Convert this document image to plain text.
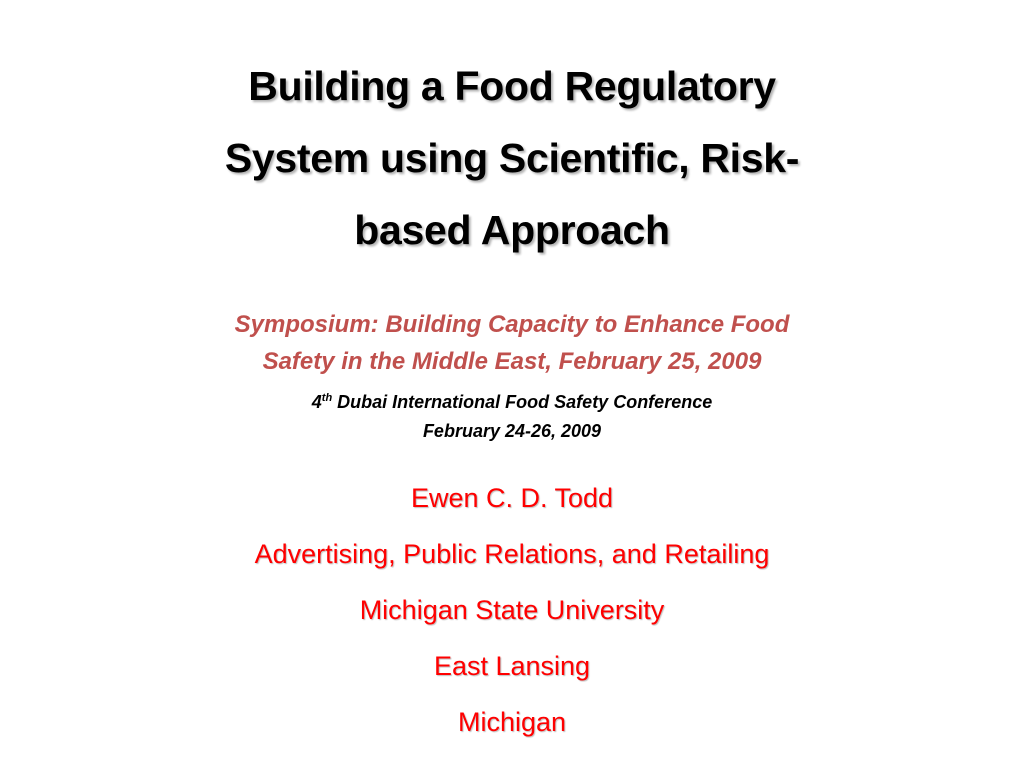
Building a Food Regulatory
System using Scientific, Risk-
based Approach
Symposium: Building Capacity to Enhance Food
Safety in the Middle East, February 25, 2009
4th Dubai International Food Safety Conference
February 24-26, 2009
Ewen C. D. Todd
Advertising, Public Relations, and Retailing
Michigan State University
East Lansing
Michigan
